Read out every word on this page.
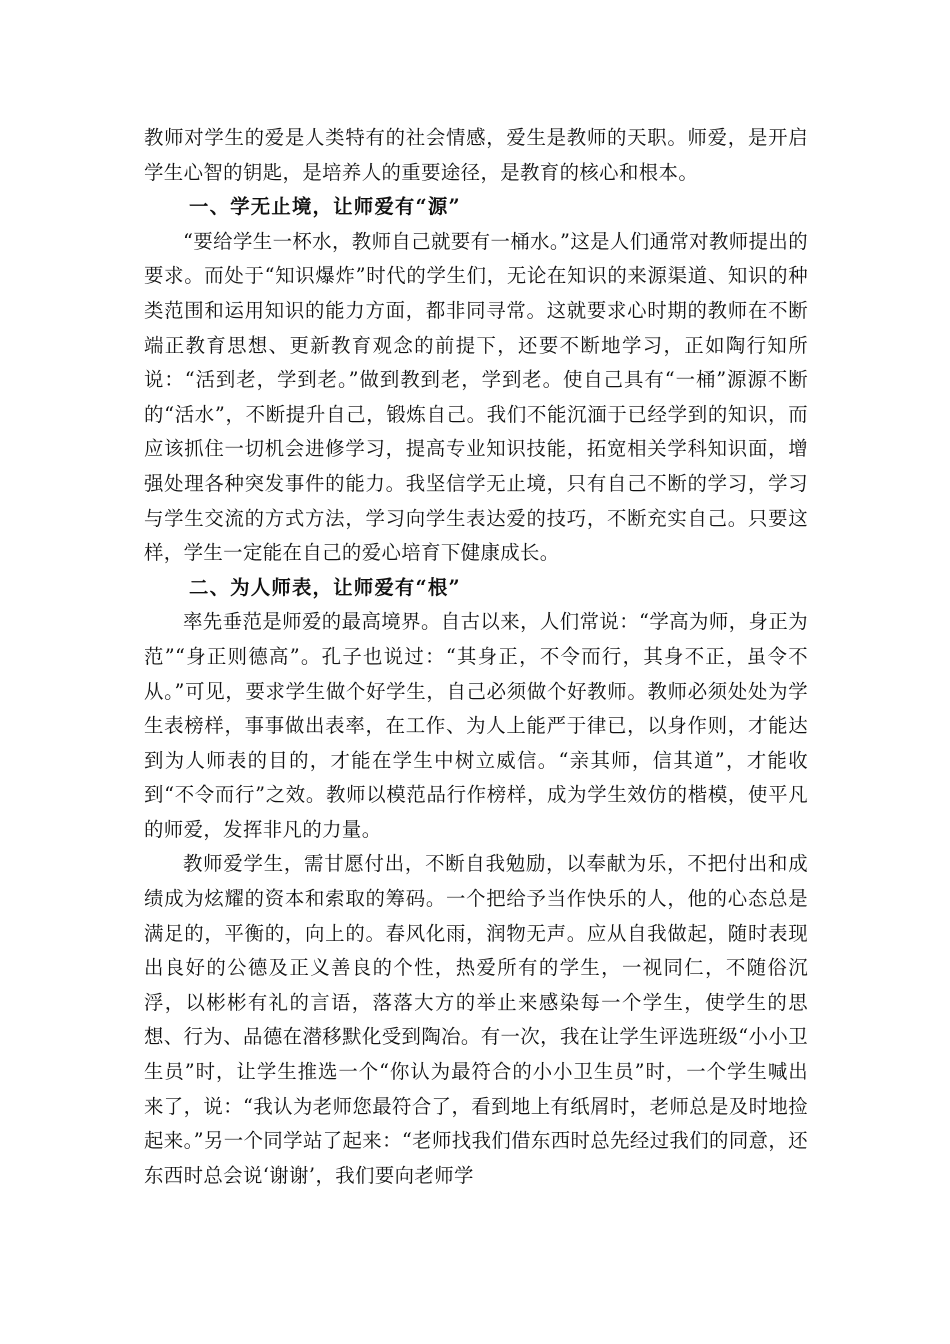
教师对学生的爱是人类特有的社会情感，爱生是教师的天职。师爱，是开启学生心智的钥匙，是培养人的重要途径，是教育的核心和根本。

一、学无止境，让师爱有“源”

“要给学生一杯水，教师自己就要有一桶水。”这是人们通常对教师提出的要求。而处于“知识爆炸”时代的学生们，无论在知识的来源渠道、知识的种类范围和运用知识的能力方面，都非同寻常。这就要求心时期的教师在不断端正教育思想、更新教育观念的前提下，还要不断地学习，正如陶行知所说：“活到老，学到老。”做到教到老，学到老。使自己具有“一桶”源源不断的“活水”，不断提升自己，锻炼自己。我们不能沉湎于已经学到的知识，而应该抓住一切机会进修学习，提高专业知识技能，拓宽相关学科知识面，增强处理各种突发事件的能力。我坚信学无止境，只有自己不断的学习，学习与学生交流的方式方法，学习向学生表达爱的技巧，不断充实自己。只要这样，学生一定能在自己的爱心培育下健康成长。

二、为人师表，让师爱有“根”

率先垂范是师爱的最高境界。自古以来，人们常说：“学高为师，身正为范”“身正则德高”。孔子也说过：“其身正，不令而行，其身不正，虽令不从。”可见，要求学生做个好学生，自己必须做个好教师。教师必须处处为学生表榜样，事事做出表率，在工作、为人上能严于律已，以身作则，才能达到为人师表的目的，才能在学生中树立威信。“亲其师，信其道”，才能收到“不令而行”之效。教师以模范品行作榜样，成为学生效仿的楷模，使平凡的师爱，发挥非凡的力量。

教师爱学生，需甘愿付出，不断自我勉励，以奉献为乐，不把付出和成绩成为炫耀的资本和索取的筹码。一个把给予当作快乐的人，他的心态总是满足的，平衡的，向上的。春风化雨，润物无声。应从自我做起，随时表现出良好的公德及正义善良的个性，热爱所有的学生，一视同仁，不随俗沉浮，以彬彬有礼的言语，落落大方的举止来感染每一个学生，使学生的思想、行为、品德在潜移默化受到陶冶。有一次，我在让学生评选班级“小小卫生员”时，让学生推选一个“你认为最符合的小小卫生员”时，一个学生喊出来了，说：“我认为老师您最符合了，看到地上有纸屑时，老师总是及时地捡起来。”另一个同学站了起来：“老师找我们借东西时总先经过我们的同意，还东西时总会说‘谢谢’，我们要向老师学
